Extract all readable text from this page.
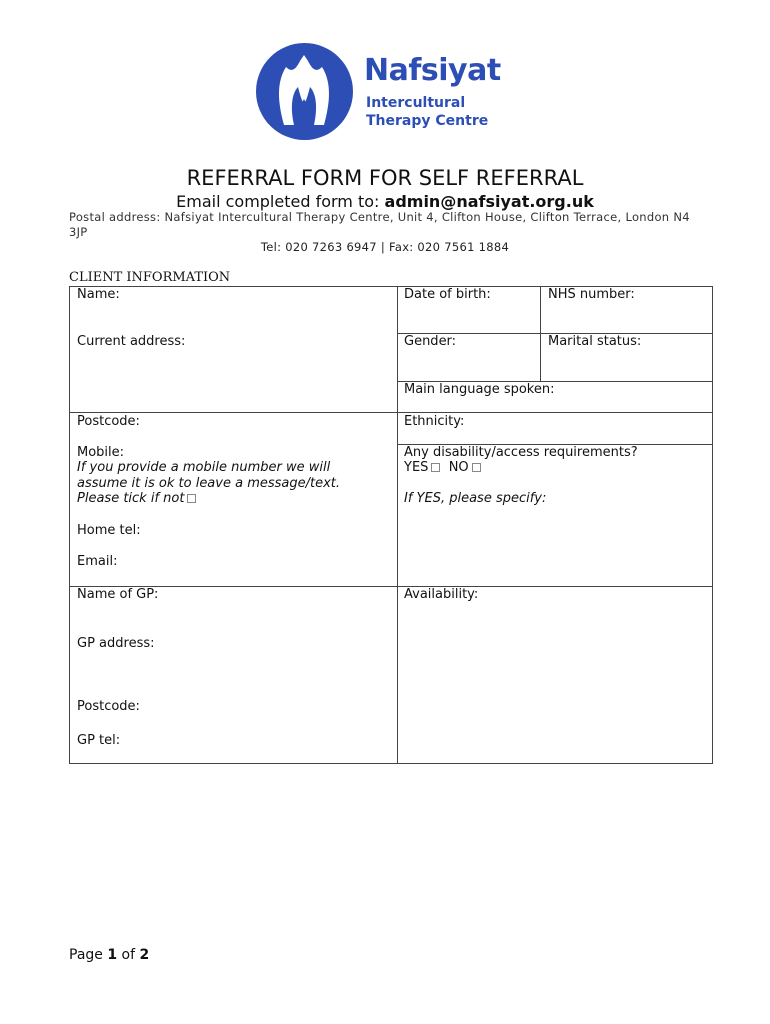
Nafsiyat
Intercultural
Therapy Centre
REFERRAL FORM FOR SELF REFERRAL
Email completed form to: admin@nafsiyat.org.uk
Postal address: Nafsiyat Intercultural Therapy Centre, Unit 4, Clifton House, Clifton Terrace, London N4 3JP
Tel: 020 7263 6947 | Fax: 020 7561 1884
CLIENT INFORMATION
Name:
Current address:
Postcode:
Mobile:
If you provide a mobile number we will
assume it is ok to leave a message/text.
Please tick if not
Home tel:
Email:
Name of GP:
GP address:
Postcode:
GP tel:
Date of birth:	NHS number:
Gender:	Marital status:
Main language spoken:
Ethnicity:
Any disability/access requirements?
YES NO
If YES, please specify:
Availability:
Page 1 of 2
